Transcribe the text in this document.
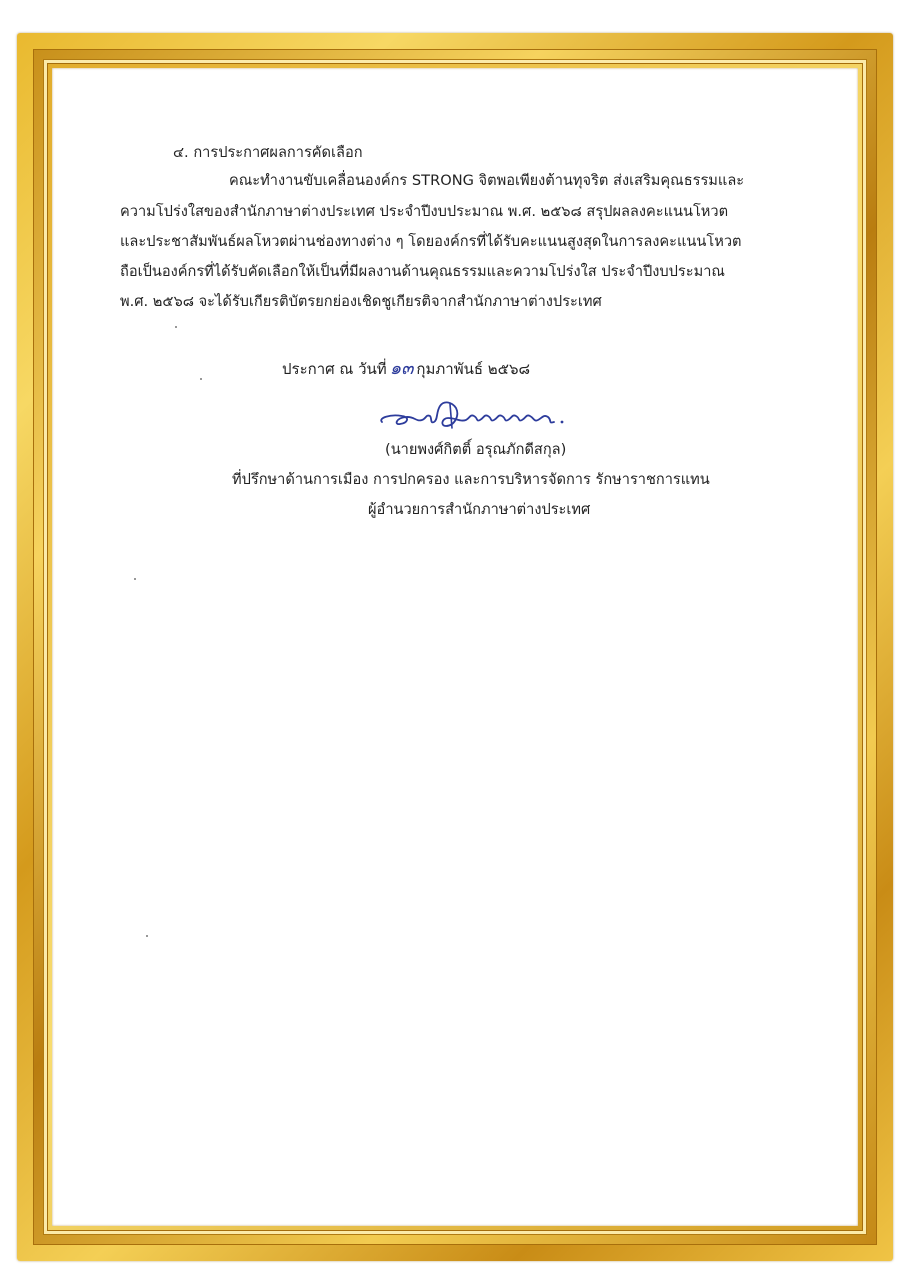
๔. การประกาศผลการคัดเลือก
คณะทำงานขับเคลื่อนองค์กร STRONG จิตพอเพียงต้านทุจริต ส่งเสริมคุณธรรมและ
ความโปร่งใสของสำนักภาษาต่างประเทศ ประจำปีงบประมาณ พ.ศ. ๒๕๖๘ สรุปผลลงคะแนนโหวต
และประชาสัมพันธ์ผลโหวตผ่านช่องทางต่าง ๆ โดยองค์กรที่ได้รับคะแนนสูงสุดในการลงคะแนนโหวต
ถือเป็นองค์กรที่ได้รับคัดเลือกให้เป็นที่มีผลงานด้านคุณธรรมและความโปร่งใส ประจำปีงบประมาณ
พ.ศ. ๒๕๖๘ จะได้รับเกียรติบัตรยกย่องเชิดชูเกียรติจากสำนักภาษาต่างประเทศ
ประกาศ ณ วันที่ ๑๓ กุมภาพันธ์ ๒๕๖๘
(นายพงศ์กิตติ์ อรุณภักดีสกุล)
ที่ปรึกษาด้านการเมือง การปกครอง และการบริหารจัดการ รักษาราชการแทน
ผู้อำนวยการสำนักภาษาต่างประเทศ
